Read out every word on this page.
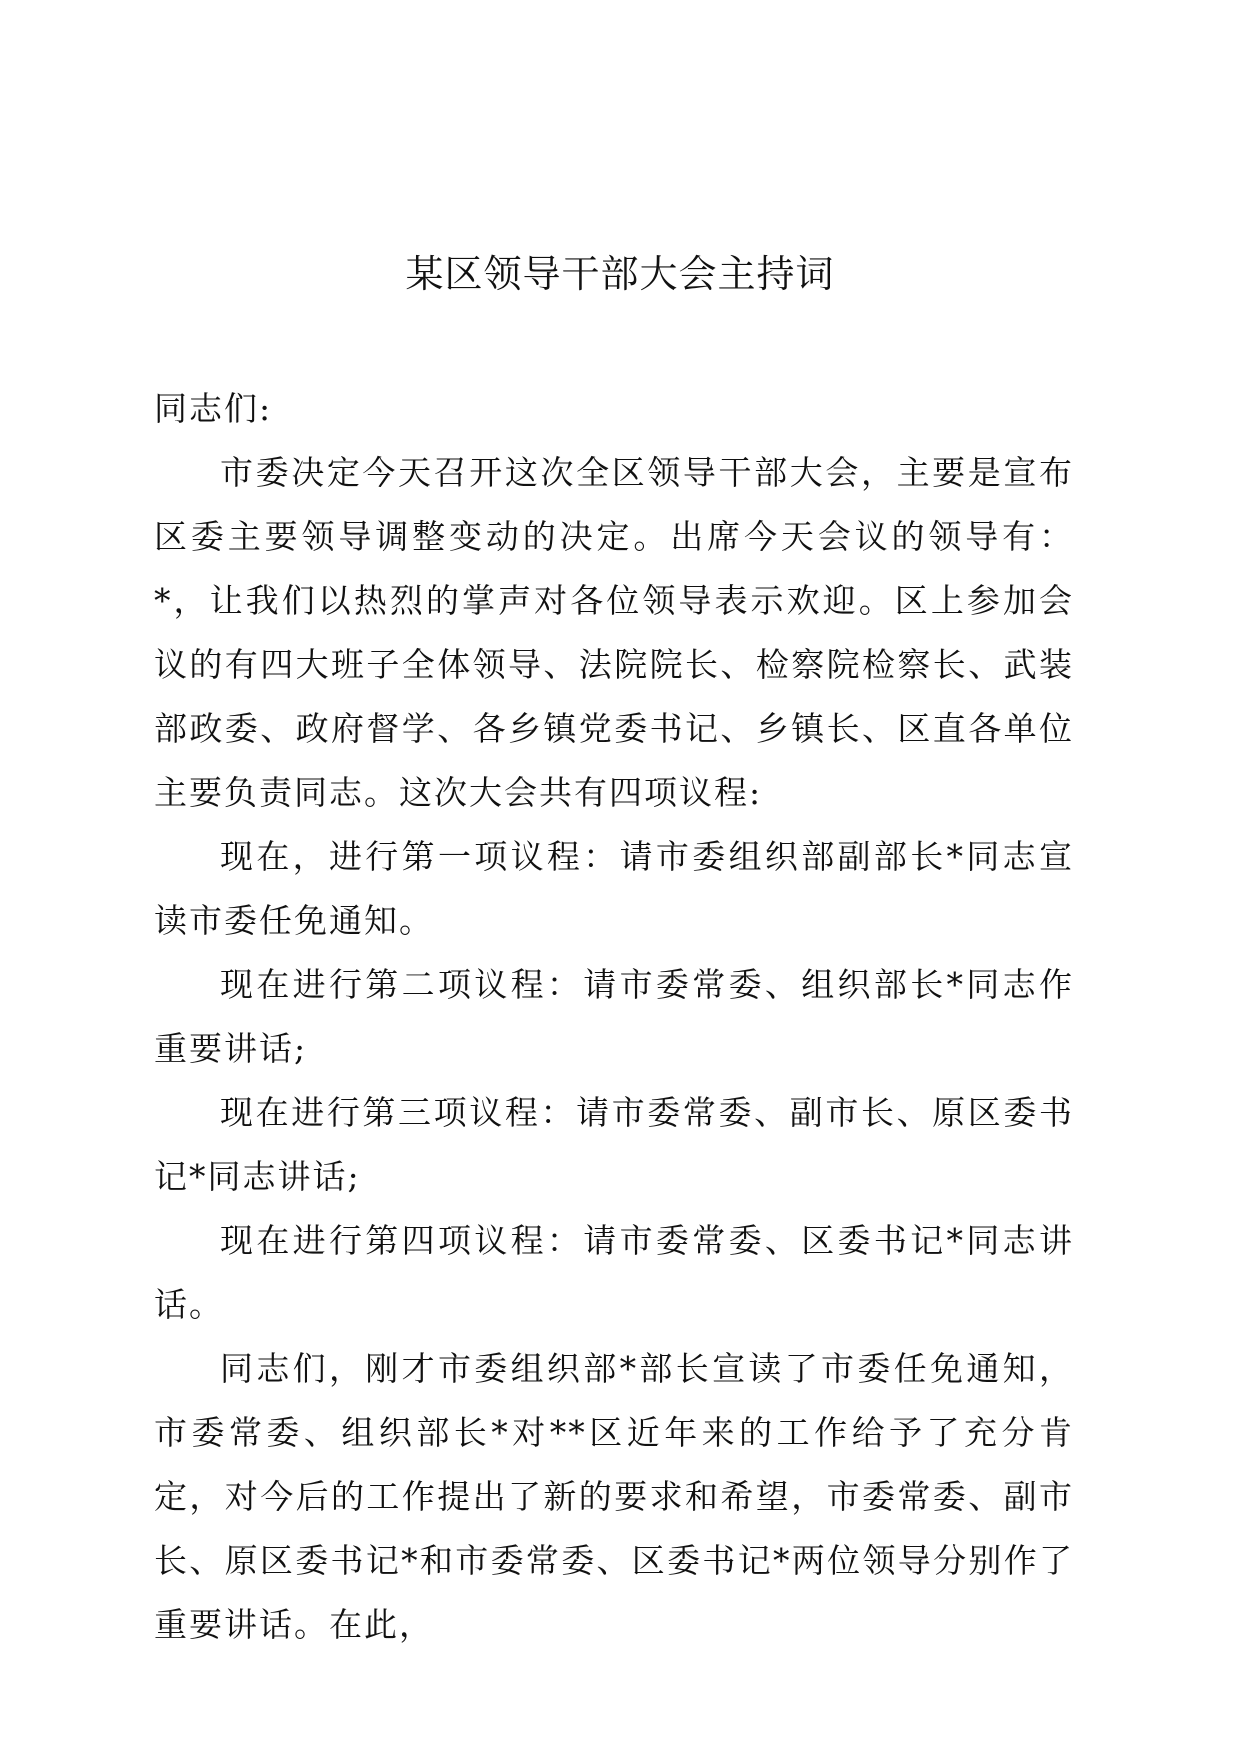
某区领导干部大会主持词

同志们:

市委决定今天召开这次全区领导干部大会，主要是宣布区委主要领导调整变动的决定。出席今天会议的领导有：*，让我们以热烈的掌声对各位领导表示欢迎。区上参加会议的有四大班子全体领导、法院院长、检察院检察长、武装部政委、政府督学、各乡镇党委书记、乡镇长、区直各单位主要负责同志。这次大会共有四项议程:

现在，进行第一项议程：请市委组织部副部长*同志宣读市委任免通知。

现在进行第二项议程：请市委常委、组织部长*同志作重要讲话;

现在进行第三项议程：请市委常委、副市长、原区委书记*同志讲话;

现在进行第四项议程：请市委常委、区委书记*同志讲话。

同志们，刚才市委组织部*部长宣读了市委任免通知，市委常委、组织部长*对**区近年来的工作给予了充分肯定，对今后的工作提出了新的要求和希望，市委常委、副市长、原区委书记*和市委常委、区委书记*两位领导分别作了重要讲话。在此，
